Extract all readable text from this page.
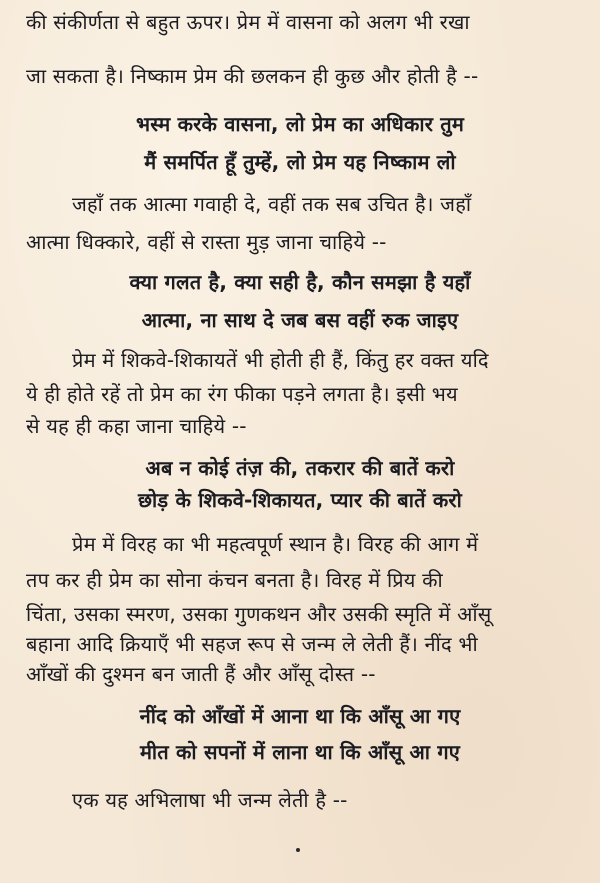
की संकीर्णता से बहुत ऊपर। प्रेम में वासना को अलग भी रखा
जा सकता है। निष्काम प्रेम की छलकन ही कुछ और होती है --
भस्म करके वासना, लो प्रेम का अधिकार तुम
मैं समर्पित हूँ तुम्हें, लो प्रेम यह निष्काम लो
जहाँ तक आत्मा गवाही दे, वहीं तक सब उचित है। जहाँ
आत्मा धिक्कारे, वहीं से रास्ता मुड़ जाना चाहिये --
क्या गलत है, क्या सही है, कौन समझा है यहाँ
आत्मा, ना साथ दे जब बस वहीं रुक जाइए
प्रेम में शिकवे-शिकायतें भी होती ही हैं, किंतु हर वक्त यदि
ये ही होते रहें तो प्रेम का रंग फीका पड़ने लगता है। इसी भय
से यह ही कहा जाना चाहिये --
अब न कोई तंज़ की, तकरार की बातें करो
छोड़ के शिकवे-शिकायत, प्यार की बातें करो
प्रेम में विरह का भी महत्वपूर्ण स्थान है। विरह की आग में
तप कर ही प्रेम का सोना कंचन बनता है। विरह में प्रिय की
चिंता, उसका स्मरण, उसका गुणकथन और उसकी स्मृति में आँसू
बहाना आदि क्रियाएँ भी सहज रूप से जन्म ले लेती हैं। नींद भी
आँखों की दुश्मन बन जाती हैं और आँसू दोस्त --
नींद को आँखों में आना था कि आँसू आ गए
मीत को सपनों में लाना था कि आँसू आ गए
एक यह अभिलाषा भी जन्म लेती है --
